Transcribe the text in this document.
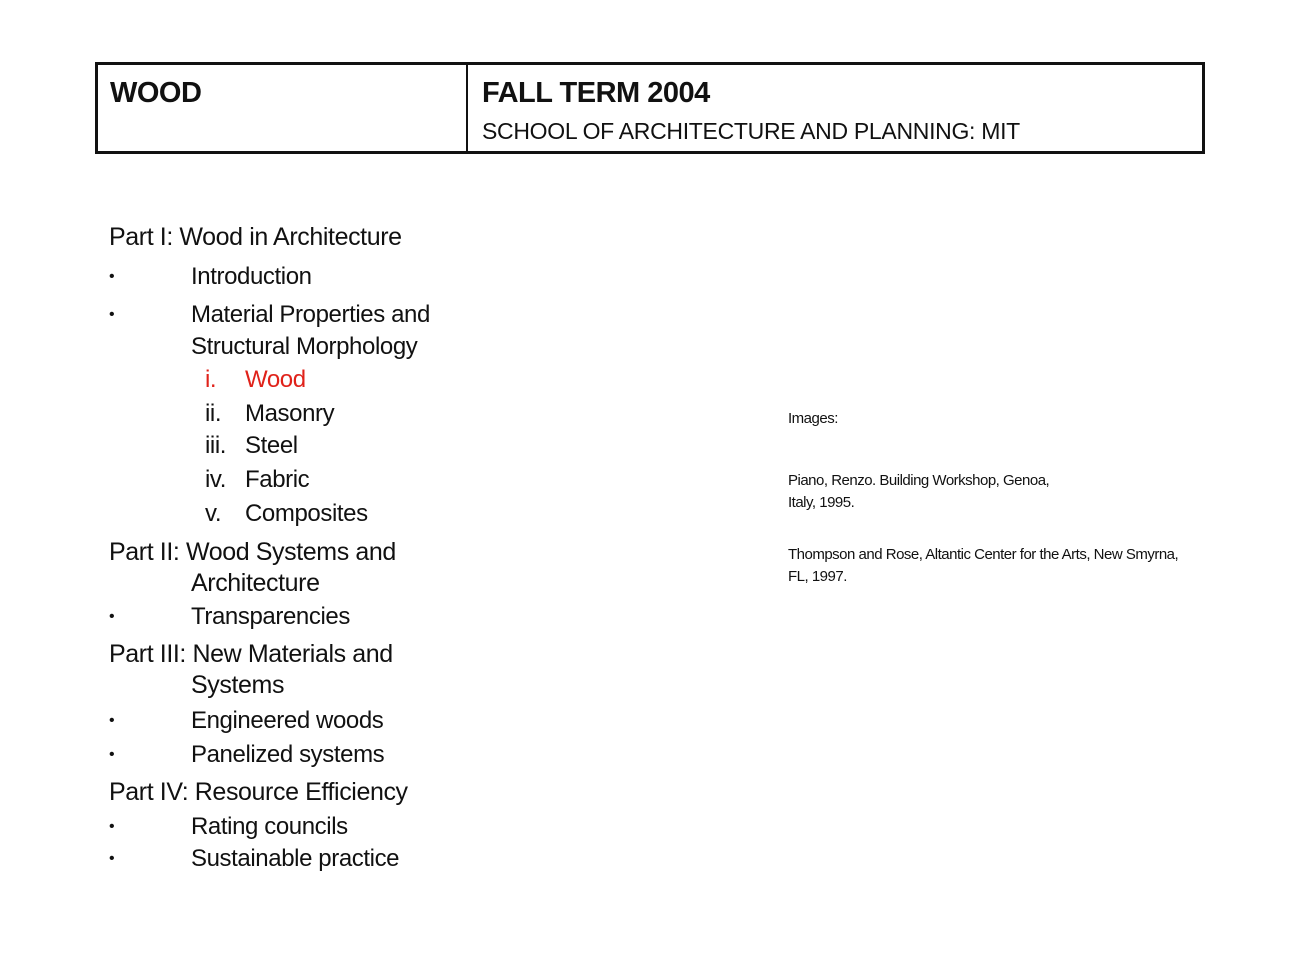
WOOD	FALL TERM 2004
SCHOOL OF ARCHITECTURE AND PLANNING: MIT
Part I: Wood in Architecture
•	Introduction
•	Material Properties and
Structural Morphology
i.	Wood
ii. Masonry
iii. Steel
iv. Fabric
v. Composites
Part II: Wood Systems and
Architecture
•	Transparencies
Part III: New Materials and
Systems
•	Engineered woods
•	Panelized systems
Part IV: Resource Efficiency
•	Rating councils
•	Sustainable practice

Images:

Piano, Renzo. Building Workshop, Genoa,

Italy, 1995.

Thompson and Rose, Altantic Center for the Arts, New Smyrna,

FL, 1997.
